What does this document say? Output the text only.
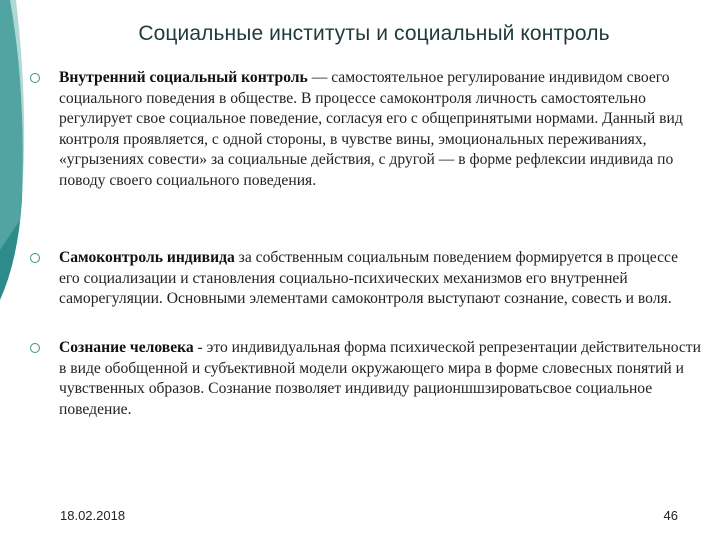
Социальные институты и социальный контроль
Внутренний социальный контроль — самостоятельное регулирование индивидом своего социального поведения в обществе. В процессе самоконтроля личность самостоятельно регулирует свое социальное поведение, согласуя его с общепринятыми нормами. Данный вид контроля проявляется, с одной стороны, в чувстве вины, эмоциональных переживаниях, «угрызениях совести» за социальные действия, с другой — в форме рефлексии индивида по поводу своего социального поведения.
Самоконтроль индивида за собственным социальным поведением формируется в процессе его социализации и становления социально-психических механизмов его внутренней саморегуляции. Основными элементами самоконтроля выступают сознание, совесть и воля.
Сознание человека - это индивидуальная форма психической репрезентации действительности в виде обобщенной и субъективной модели окружающего мира в форме словесных понятий и чувственных образов. Сознание позволяет индивиду рационшшзироватьсвое социальное поведение.
18.02.2018	46
